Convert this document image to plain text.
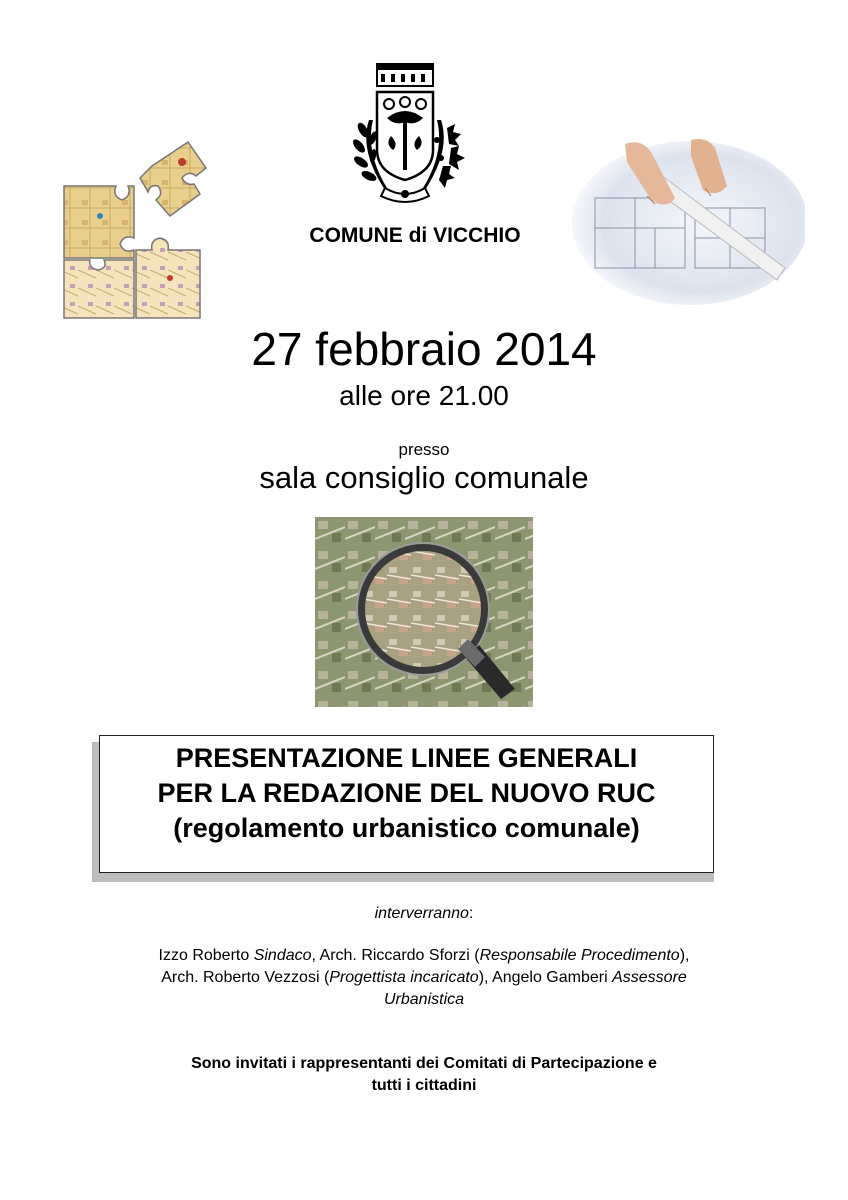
COMUNE di VICCHIO
27 febbraio 2014
alle ore 21.00
presso
sala consiglio comunale
PRESENTAZIONE LINEE GENERALI
PER LA REDAZIONE DEL NUOVO RUC
(regolamento urbanistico comunale)
interverranno:
Izzo Roberto Sindaco, Arch. Riccardo Sforzi (Responsabile Procedimento),
Arch. Roberto Vezzosi (Progettista incaricato), Angelo Gamberi Assessore
Urbanistica
Sono invitati i rappresentanti dei Comitati di Partecipazione e
tutti i cittadini
